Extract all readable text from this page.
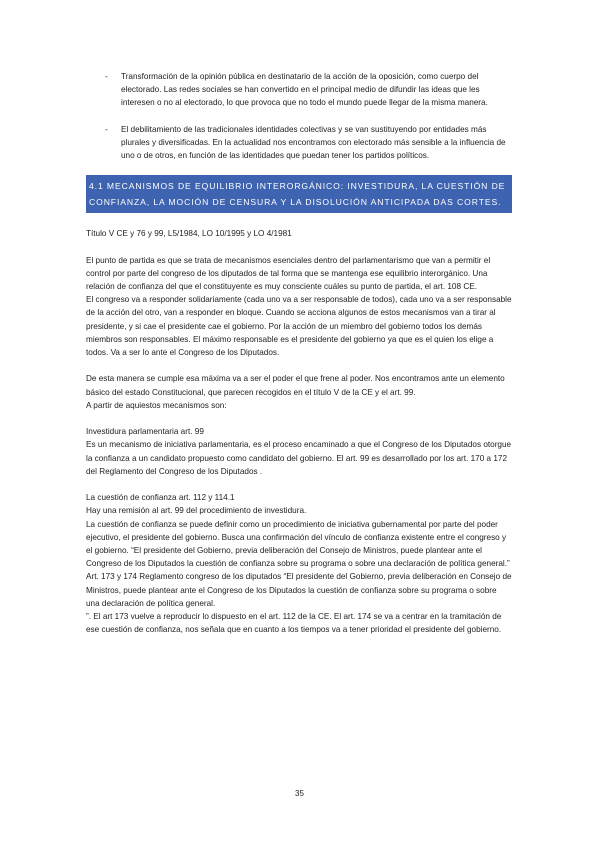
- Transformación de la opinión pública en destinatario de la acción de la oposición, como cuerpo del electorado. Las redes sociales se han convertido en el principal medio de difundir las ideas que les interesen o no al electorado, lo que provoca que no todo el mundo puede llegar de la misma manera.

- El debilitamiento de las tradicionales identidades colectivas y se van sustituyendo por entidades más plurales y diversificadas. En la actualidad nos encontramos con electorado más sensible a la influencia de uno o de otros, en función de las identidades que puedan tener los partidos políticos.

4.1 MECANISMOS DE EQUILIBRIO INTERORGÁNICO: INVESTIDURA, LA CUESTIÓN DE CONFIANZA, LA MOCIÓN DE CENSURA Y LA DISOLUCIÓN ANTICIPADA DAS CORTES.

Título V CE y 76 y 99, L5/1984, LO 10/1995 y LO 4/1981

El punto de partida es que se trata de mecanismos esenciales dentro del parlamentarismo que van a permitir el control por parte del congreso de los diputados de tal forma que se mantenga ese equilibrio interorgánico. Una relación de confianza del que el constituyente es muy consciente cuáles su punto de partida, el art. 108 CE.

El congreso va a responder solidariamente (cada uno va a ser responsable de todos), cada uno va a ser responsable de la acción del otro, van a responder en bloque. Cuando se acciona algunos de estos mecanismos van a tirar al presidente, y si cae el presidente cae el gobierno. Por la acción de un miembro del gobierno todos los demás miembros son responsables. El máximo responsable es el presidente del gobierno ya que es el quien los elige a todos. Va a ser lo ante el Congreso de los Diputados.

De esta manera se cumple esa máxima va a ser el poder el que frene al poder. Nos encontramos ante un elemento básico del estado Constitucional, que parecen recogidos en el título V de la CE y el art. 99.

A partir de aquiestos mecanismos son:

Investidura parlamentaria art. 99

Es un mecanismo de iniciativa parlamentaria, es el proceso encaminado a que el Congreso de los Diputados otorgue la confianza a un candidato propuesto como candidato del gobierno. El art. 99 es desarrollado por los art. 170 a 172 del Reglamento del Congreso de los Diputados .

La cuestión de confianza art. 112 y 114.1

Hay una remisión al art. 99 del procedimiento de investidura.

La cuestión de confianza se puede definir como un procedimiento de iniciativa gubernamental por parte del poder ejecutivo, el presidente del gobierno. Busca una confirmación del vínculo de confianza existente entre el congreso y el gobierno. “El presidente del Gobierno, previa deliberación del Consejo de Ministros, puede plantear ante el Congreso de los Diputados la cuestión de confianza sobre su programa o sobre una declaración de política general.”

Art. 173 y 174 Reglamento congreso de los diputados “El presidente del Gobierno, previa deliberación en Consejo de Ministros, puede plantear ante el Congreso de los Diputados la cuestión de confianza sobre su programa o sobre una declaración de política general.

”. El art 173 vuelve a reproducir lo dispuesto en el art. 112 de la CE. El art. 174 se va a centrar en la tramitación de ese cuestión de confianza, nos señala que en cuanto a los tiempos va a tener prioridad el presidente del gobierno.

35
